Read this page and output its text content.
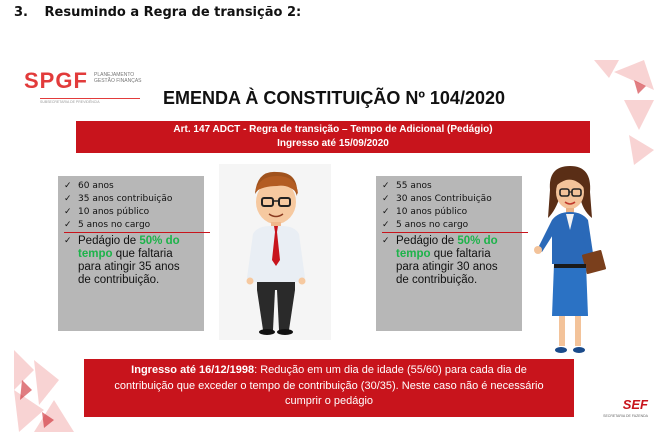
3. Resumindo a Regra de transição 2:
SPGF PLANEJAMENTO GESTÃO FINANÇAS
SUBSECRETARIA DE PREVIDÊNCIA	EMENDA À CONSTITUIÇÃO Nº 104/2020
Art. 147 ADCT - Regra de transição – Tempo de Adicional (Pedágio)
Ingresso até 15/09/2020
✓ 60 anos
✓ 35 anos contribuição
✓ 10 anos público
✓ 5 anos no cargo
✓ Pedágio de 50% do
tempo que faltaria
para atingir 35 anos
de contribuição.
✓ 55 anos
✓ 30 anos Contribuição
✓ 10 anos público
✓ 5 anos no cargo
✓ Pedágio de 50% do
tempo que faltaria
para atingir 30 anos
de contribuição.
Ingresso até 16/12/1998: Redução em um dia de idade (55/60) para cada dia de
contribuição que exceder o tempo de contribuição (30/35). Neste caso não é necessário
cumprir o pedágio	SEF
SECRETARIA DE FAZENDA
